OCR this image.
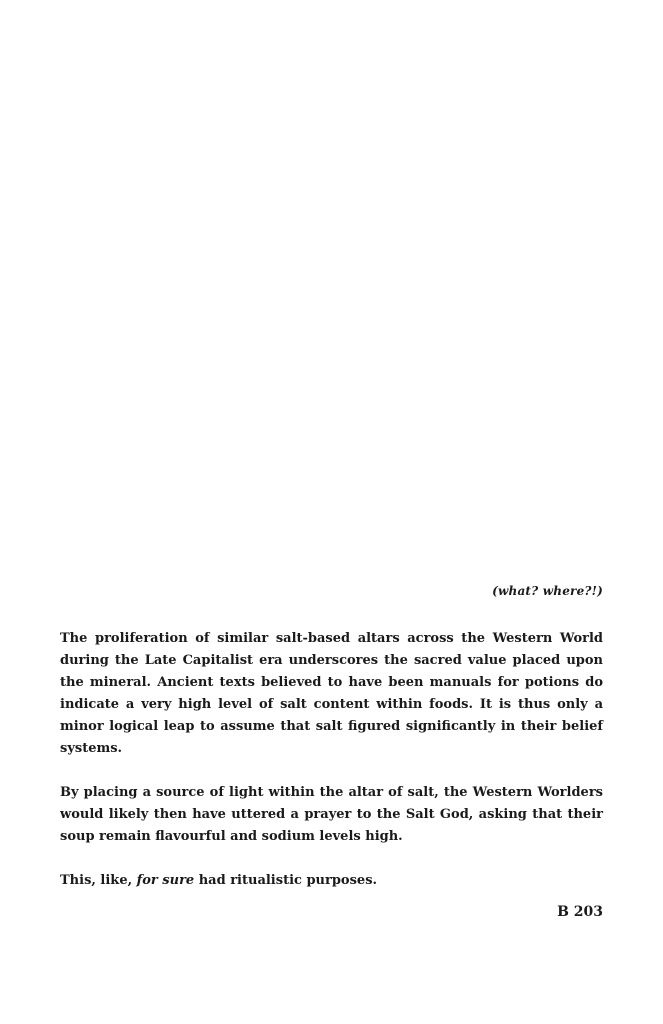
(what? where?!)

The proliferation of similar salt-based altars across the Western World during the Late Capitalist era underscores the sacred value placed upon the mineral. Ancient texts believed to have been manuals for potions do indicate a very high level of salt content within foods. It is thus only a minor logical leap to assume that salt figured significantly in their belief systems.

By placing a source of light within the altar of salt, the Western Worlders would likely then have uttered a prayer to the Salt God, asking that their soup remain flavourful and sodium levels high.

This, like, for sure had ritualistic purposes.

B 203
